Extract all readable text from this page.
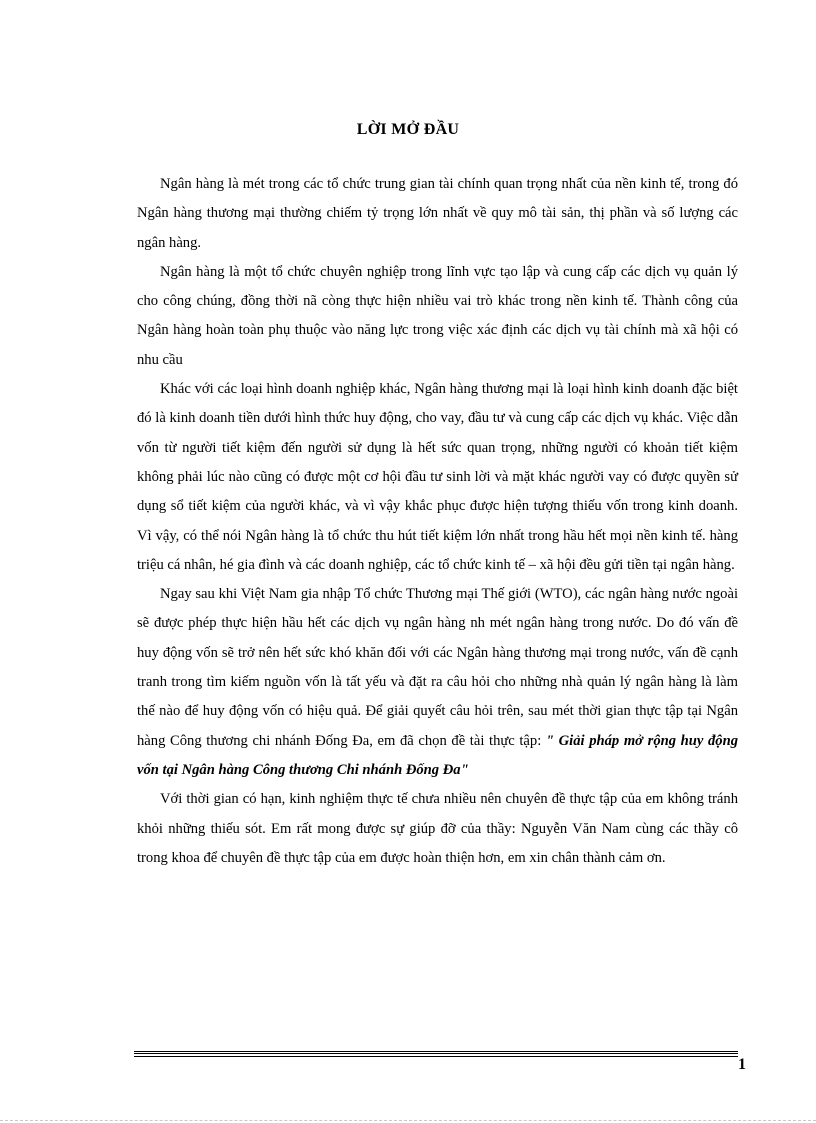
LỜI MỞ ĐẦU

Ngân hàng là mét trong các tổ chức trung gian tài chính quan trọng nhất của nền kinh tế, trong đó Ngân hàng thương mại thường chiếm tỷ trọng lớn nhất về quy mô tài sản, thị phần và số lượng các ngân hàng.

Ngân hàng là một tổ chức chuyên nghiệp trong lĩnh vực tạo lập và cung cấp các dịch vụ quản lý cho công chúng, đồng thời nã còng thực hiện nhiều vai trò khác trong nền kinh tế. Thành công của Ngân hàng hoàn toàn phụ thuộc vào năng lực trong việc xác định các dịch vụ tài chính mà xã hội có nhu cầu

Khác với các loại hình doanh nghiệp khác, Ngân hàng thương mại là loại hình kinh doanh đặc biệt đó là kinh doanh tiền dưới hình thức huy động, cho vay, đầu tư và cung cấp các dịch vụ khác. Việc dẫn vốn từ người tiết kiệm đến người sử dụng là hết sức quan trọng, những người có khoản tiết kiệm không phải lúc nào cũng có được một cơ hội đầu tư sinh lời và mặt khác người vay có được quyền sử dụng sổ tiết kiệm của người khác, và vì vậy khắc phục được hiện tượng thiếu vốn trong kinh doanh. Vì vậy, có thể nói Ngân hàng là tổ chức thu hút tiết kiệm lớn nhất trong hầu hết mọi nền kinh tế. hàng triệu cá nhân, hé gia đình và các doanh nghiệp, các tổ chức kinh tế – xã hội đều gửi tiền tại ngân hàng.

Ngay sau khi Việt Nam gia nhập Tổ chức Thương mại Thế giới (WTO), các ngân hàng nước ngoài sẽ được phép thực hiện hầu hết các dịch vụ ngân hàng nh mét ngân hàng trong nước. Do đó vấn đề huy động vốn sẽ trở nên hết sức khó khăn đối với các Ngân hàng thương mại trong nước, vấn đề cạnh tranh trong tìm kiếm nguồn vốn là tất yếu và đặt ra câu hỏi cho những nhà quản lý ngân hàng là làm thế nào để huy động vốn có hiệu quả. Để giải quyết câu hỏi trên, sau mét thời gian thực tập tại Ngân hàng Công thương chi nhánh Đống Đa, em đã chọn đề tài thực tập: " Giải pháp mở rộng huy động vốn tại Ngân hàng Công thương Chi nhánh Đống Đa"

Với thời gian có hạn, kinh nghiệm thực tế chưa nhiều nên chuyên đề thực tập của em không tránh khỏi những thiếu sót. Em rất mong được sự giúp đỡ của thầy: Nguyễn Văn Nam cùng các thầy cô trong khoa để chuyên đề thực tập của em được hoàn thiện hơn, em xin chân thành cảm ơn.

1
